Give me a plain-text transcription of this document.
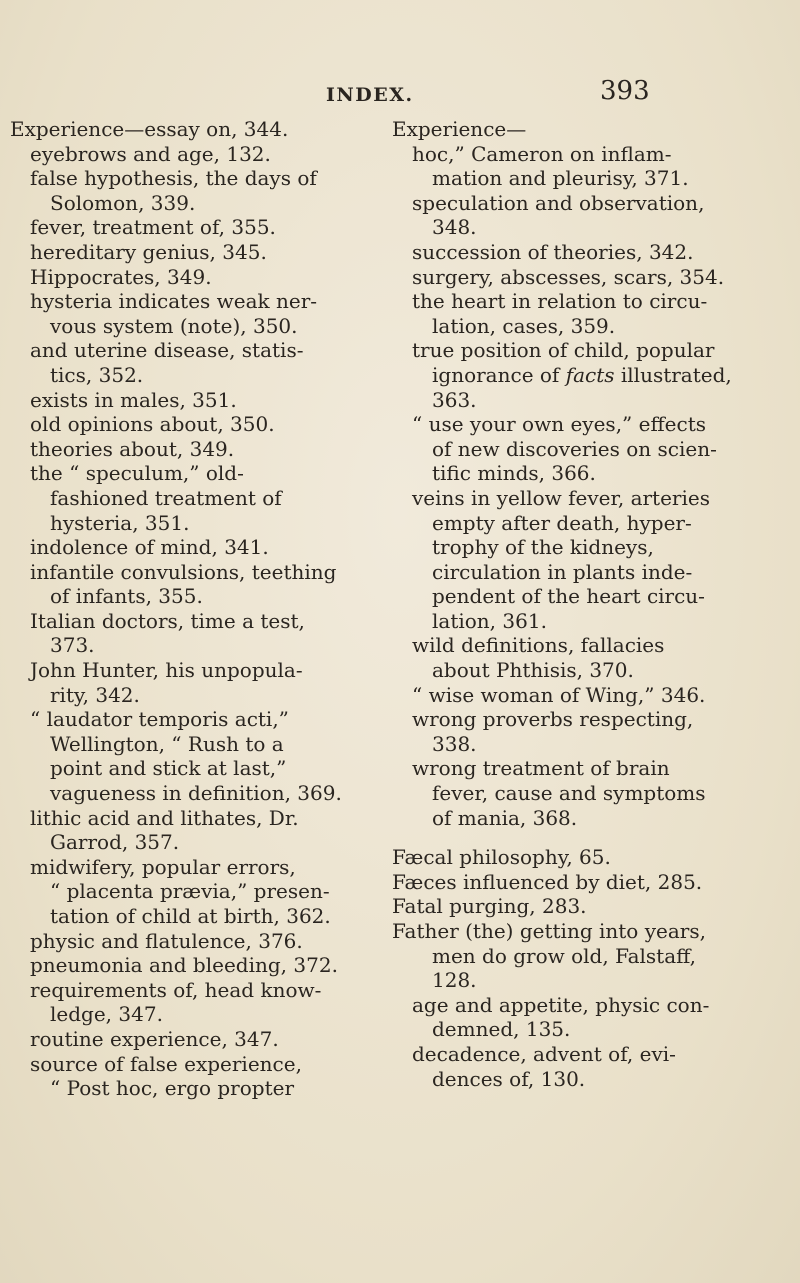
INDEX.	393
Experience—essay on, 344.
eyebrows and age, 132.
false hypothesis, the days of
Solomon, 339.
fever, treatment of, 355.
hereditary genius, 345.
Hippocrates, 349.
hysteria indicates weak ner-
vous system (note), 350.
and uterine disease, statis-
tics, 352.
exists in males, 351.
old opinions about, 350.
theories about, 349.
the “ speculum,” old-
fashioned treatment of
hysteria, 351.
indolence of mind, 341.
infantile convulsions, teething
of infants, 355.
Italian doctors, time a test,
373.
John Hunter, his unpopula-
rity, 342.
“ laudator temporis acti,”
Wellington, “ Rush to a
point and stick at last,”
vagueness in definition, 369.
lithic acid and lithates, Dr.
Garrod, 357.
midwifery, popular errors,
“ placenta prævia,” presen-
tation of child at birth, 362.
physic and flatulence, 376.
pneumonia and bleeding, 372.
requirements of, head know-
ledge, 347.
routine experience, 347.
source of false experience,
“ Post hoc, ergo propter
Experience—
hoc,” Cameron on inflam-
mation and pleurisy, 371.
speculation and observation,
348.
succession of theories, 342.
surgery, abscesses, scars, 354.
the heart in relation to circu-
lation, cases, 359.
true position of child, popular
ignorance of facts illustrated,
363.
“ use your own eyes,” effects
of new discoveries on scien-
tific minds, 366.
veins in yellow fever, arteries
empty after death, hyper-
trophy of the kidneys,
circulation in plants inde-
pendent of the heart circu-
lation, 361.
wild definitions, fallacies
about Phthisis, 370.
“ wise woman of Wing,” 346.
wrong proverbs respecting,
338.
wrong treatment of brain
fever, cause and symptoms
of mania, 368.
Fæcal philosophy, 65.
Fæces influenced by diet, 285.
Fatal purging, 283.
Father (the) getting into years,
men do grow old, Falstaff,
128.
age and appetite, physic con-
demned, 135.
decadence, advent of, evi-
dences of, 130.
